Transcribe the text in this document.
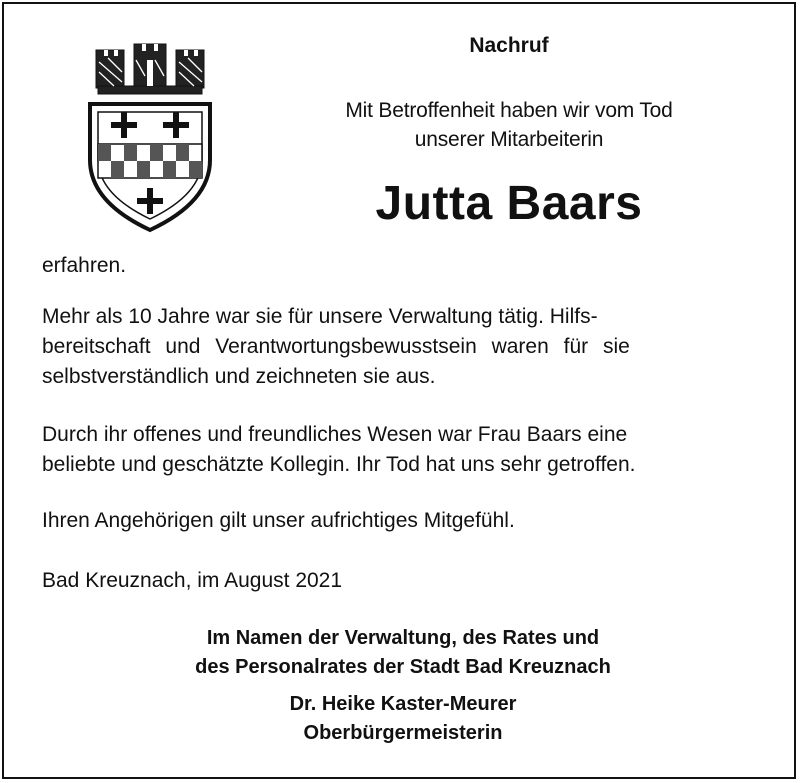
Nachruf
Mit Betroffenheit haben wir vom Tod
unserer Mitarbeiterin
Jutta Baars

erfahren.

Mehr als 10 Jahre war sie für unsere Verwaltung tätig. Hilfs-
bereitschaft und Verantwortungsbewusstsein waren für sie
selbstverständlich und zeichneten sie aus.
Durch ihr offenes und freundliches Wesen war Frau Baars eine
beliebte und geschätzte Kollegin. Ihr Tod hat uns sehr getroffen.

Ihren Angehörigen gilt unser aufrichtiges Mitgefühl.

Bad Kreuznach, im August 2021

Im Namen der Verwaltung, des Rates und
des Personalrates der Stadt Bad Kreuznach
Dr. Heike Kaster-Meurer
Oberbürgermeisterin
